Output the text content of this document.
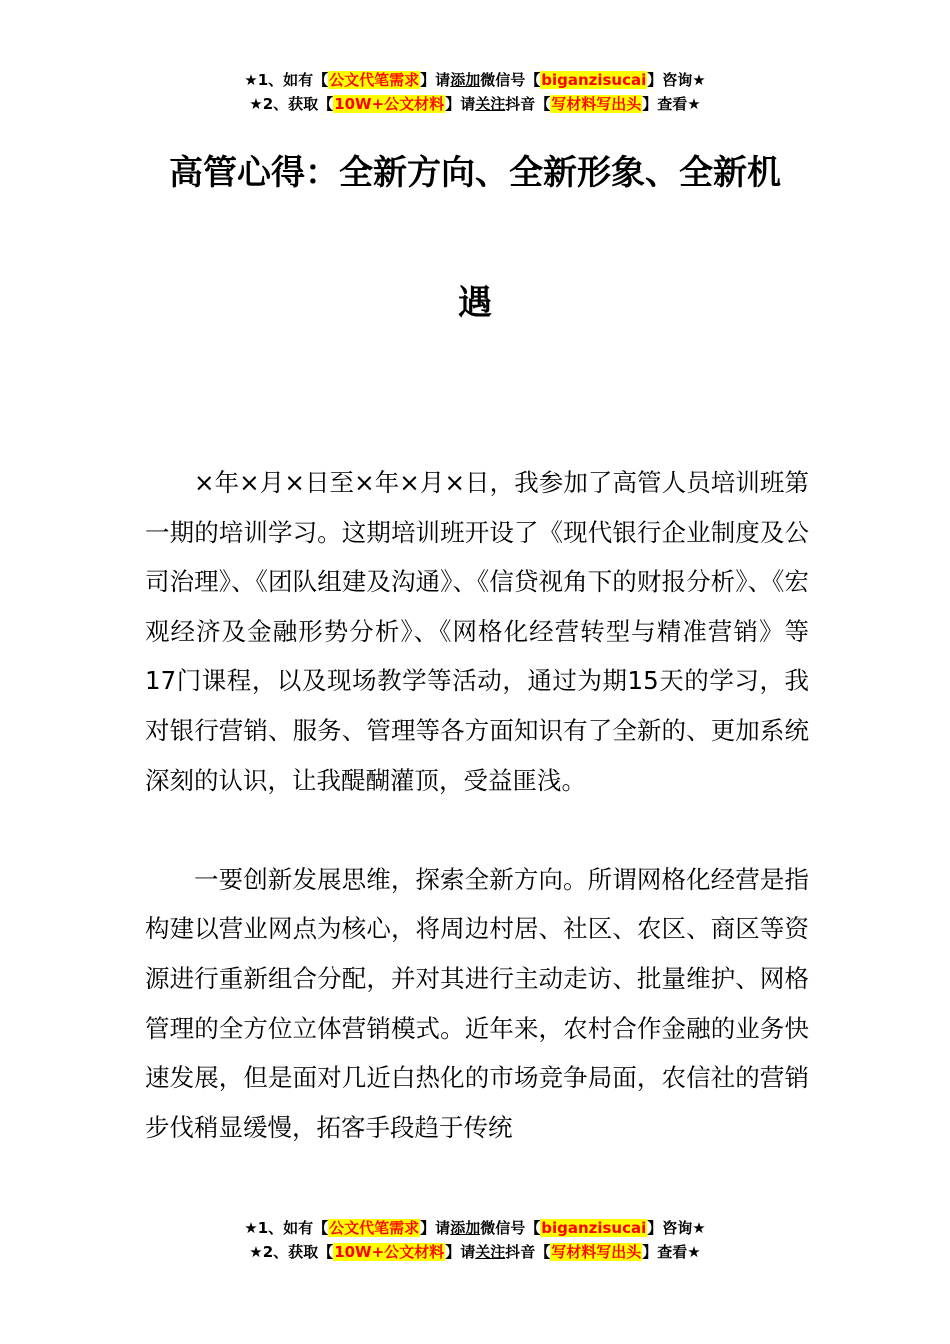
★1、如有【公文代笔需求】请添加微信号【biganzisucai】咨询★
★2、获取【10W+公文材料】请关注抖音【写材料写出头】查看★
高管心得：全新方向、全新形象、全新机
遇

×年×月×日至×年×月×日，我参加了高管人员培训班第一期的培训学习。这期培训班开设了《现代银行企业制度及公司治理》、《团队组建及沟通》、《信贷视角下的财报分析》、《宏观经济及金融形势分析》、《网格化经营转型与精准营销》等17门课程，以及现场教学等活动，通过为期15天的学习，我对银行营销、服务、管理等各方面知识有了全新的、更加系统深刻的认识，让我醍醐灌顶，受益匪浅。

一要创新发展思维，探索全新方向。所谓网格化经营是指构建以营业网点为核心，将周边村居、社区、农区、商区等资源进行重新组合分配，并对其进行主动走访、批量维护、网格管理的全方位立体营销模式。近年来，农村合作金融的业务快速发展，但是面对几近白热化的市场竞争局面，农信社的营销步伐稍显缓慢，拓客手段趋于传统

★1、如有【公文代笔需求】请添加微信号【biganzisucai】咨询★
★2、获取【10W+公文材料】请关注抖音【写材料写出头】查看★
